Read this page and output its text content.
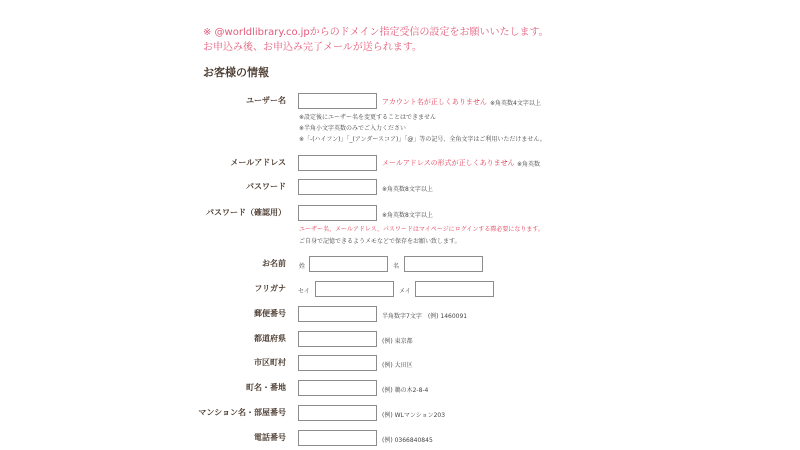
※ @worldlibrary.co.jpからのドメイン指定受信の設定をお願いいたします。
お申込み後、お申込み完了メールが送られます。
お客様の情報
ユーザー名	アカウント名が正しくありません ※角英数4文字以上
※設定後にユーザー名を変更することはできません
※半角小文字英数のみでご入力ください
※「-(ハイフン)」「_(アンダースコア)」「@」等の記号、全角文字はご利用いただけません。
メールアドレス	メールアドレスの形式が正しくありません ※角英数
パスワード	※角英数8文字以上
パスワード（確認用）	※角英数8文字以上
ユーザー名、メールアドレス、パスワードはマイページにログインする際必要になります。
ご自身で記憶できるようメモなどで保存をお願い致します。
お名前 姓	名
フリガナ セイ	メイ
郵便番号	半角数字7文字　(例) 1460091
都道府県	(例) 東京都
市区町村	(例) 大田区
町名・番地	(例) 鵜の木2-8-4
マンション名・部屋番号	(例) WLマンション203
電話番号	(例) 0366840845
